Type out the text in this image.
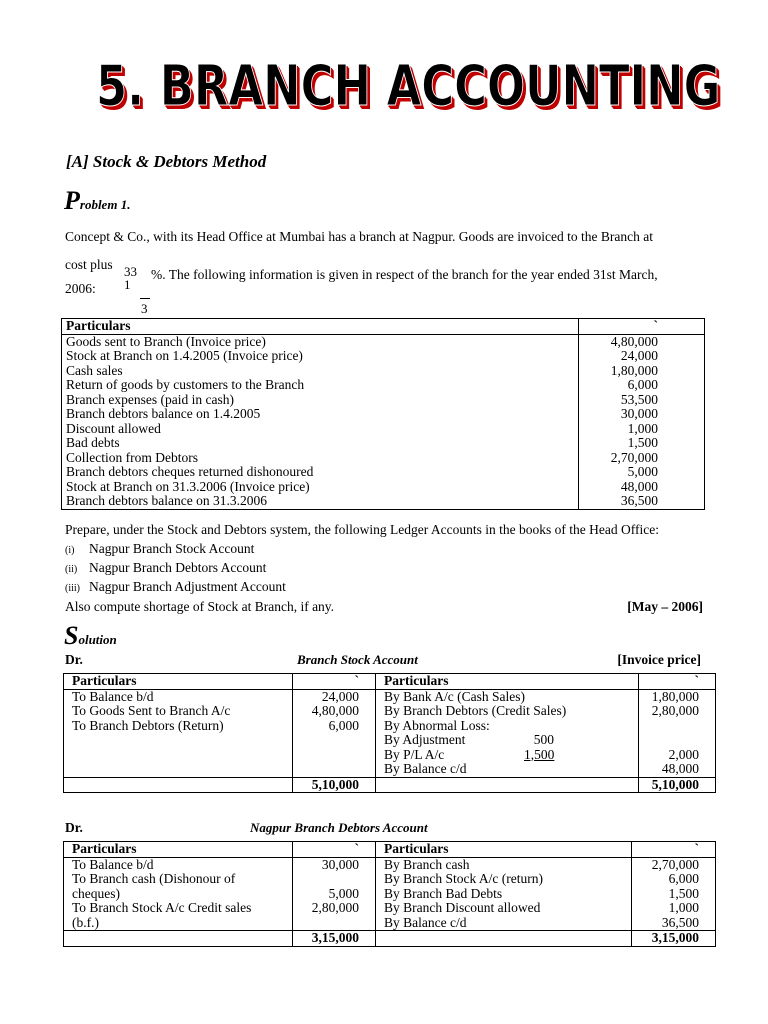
5. BRANCH ACCOUNTING
[A] Stock & Debtors Method
Problem 1.
Concept & Co., with its Head Office at Mumbai has a branch at Nagpur. Goods are invoiced to the Branch at
cost plus 33
1
3
%. The following information is given in respect of the branch for the year ended 31st March,
2006:
Particulars	`
Goods sent to Branch (Invoice price)	4,80,000
Stock at Branch on 1.4.2005 (Invoice price)	24,000
Cash sales	1,80,000
Return of goods by customers to the Branch	6,000
Branch expenses (paid in cash)	53,500
Branch debtors balance on 1.4.2005	30,000
Discount allowed	1,000
Bad debts	1,500
Collection from Debtors	2,70,000
Branch debtors cheques returned dishonoured	5,000
Stock at Branch on 31.3.2006 (Invoice price)	48,000
Branch debtors balance on 31.3.2006	36,500
Prepare, under the Stock and Debtors system, the following Ledger Accounts in the books of the Head Office:
(i) Nagpur Branch Stock Account
(ii) Nagpur Branch Debtors Account
(iii) Nagpur Branch Adjustment Account
Also compute shortage of Stock at Branch, if any.	[May – 2006]
Solution
Dr.	Branch Stock Account	[Invoice price]
Particulars	`	Particulars	`
To Balance b/d	24,000	By Bank A/c (Cash Sales)	1,80,000
To Goods Sent to Branch A/c	4,80,000	By Branch Debtors (Credit Sales)	2,80,000
To Branch Debtors (Return)	6,000	By Abnormal Loss:	
		By Adjustment 500	
		By P/L A/c 1,500	2,000
		By Balance c/d	48,000
	5,10,000		5,10,000
Dr.	Nagpur Branch Debtors Account
Particulars	`	Particulars	`
To Balance b/d	30,000	By Branch cash	2,70,000
To Branch cash (Dishonour of		By Branch Stock A/c (return)	6,000
cheques)	5,000	By Branch Bad Debts	1,500
To Branch Stock A/c Credit sales	2,80,000	By Branch Discount allowed	1,000
(b.f.)		By Balance c/d	36,500
	3,15,000		3,15,000
